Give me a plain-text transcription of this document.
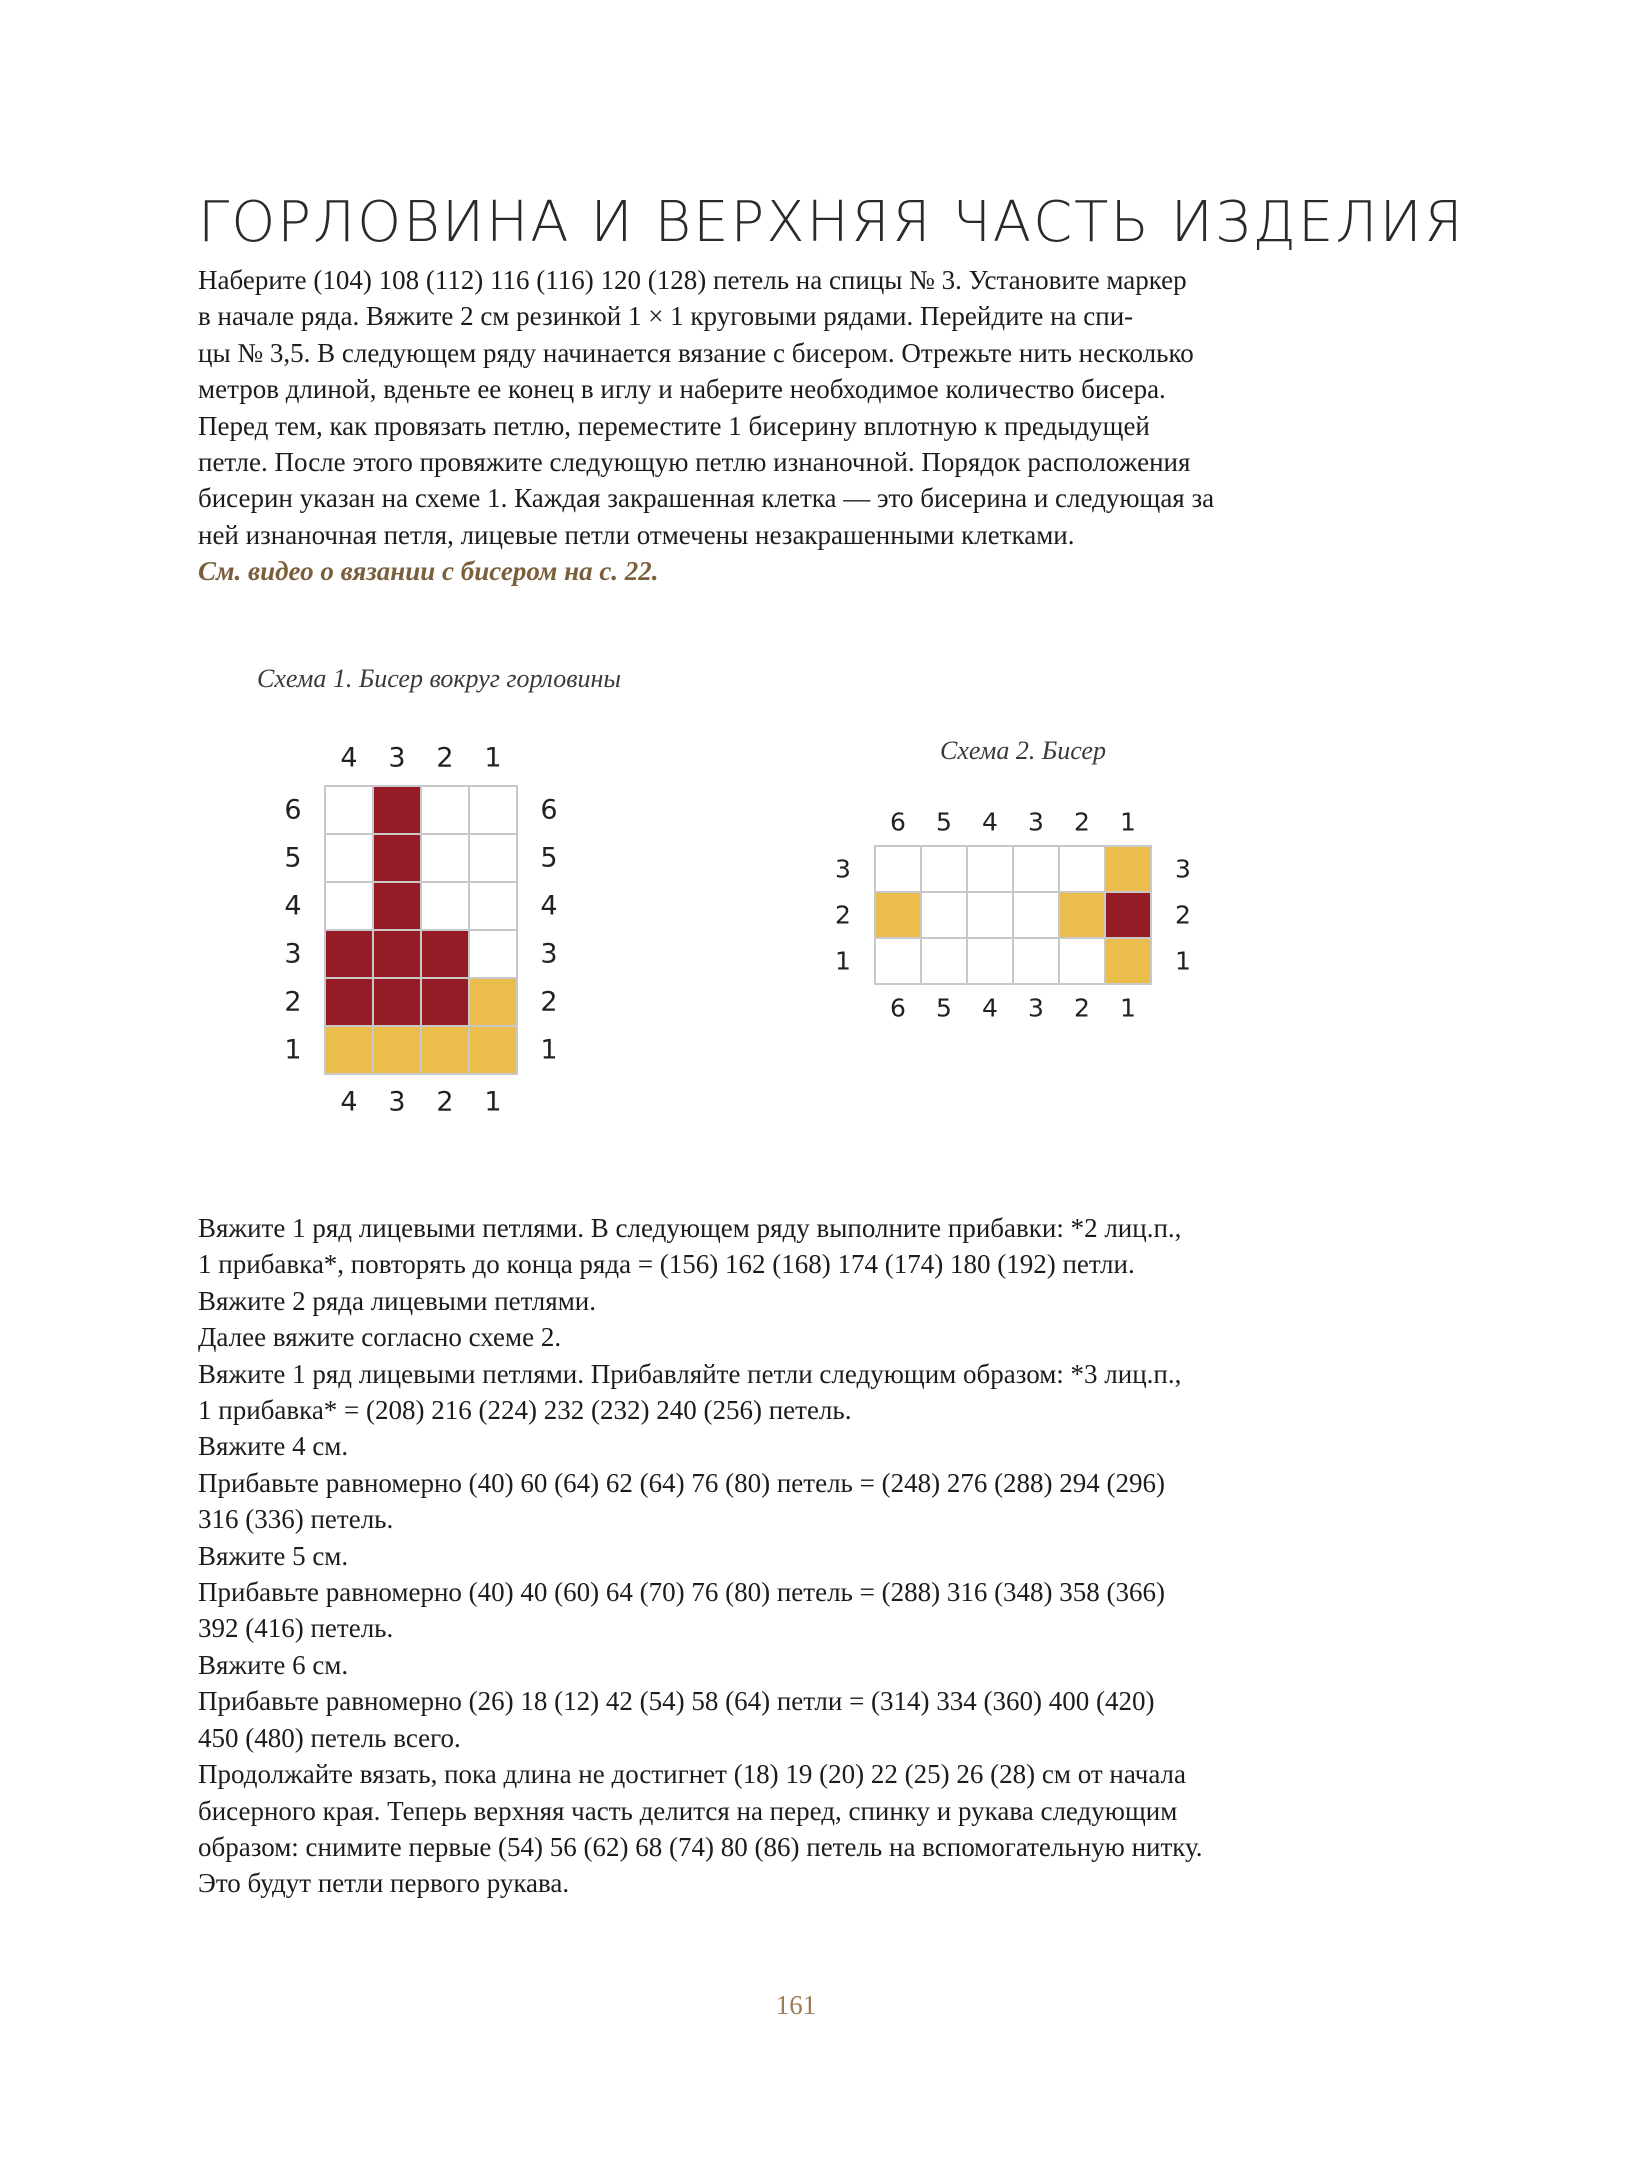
ГОРЛОВИНА И ВЕРХНЯЯ ЧАСТЬ ИЗДЕЛИЯ
Наберите (104) 108 (112) 116 (116) 120 (128) петель на спицы № 3. Установите маркер
в начале ряда. Вяжите 2 см резинкой 1 × 1 круговыми рядами. Перейдите на спи-
цы № 3,5. В следующем ряду начинается вязание с бисером. Отрежьте нить несколько
метров длиной, вденьте ее конец в иглу и наберите необходимое количество бисера.
Перед тем, как провязать петлю, переместите 1 бисерину вплотную к предыдущей
петле. После этого провяжите следующую петлю изнаночной. Порядок расположения
бисерин указан на схеме 1. Каждая закрашенная клетка — это бисерина и следующая за
ней изнаночная петля, лицевые петли отмечены незакрашенными клетками.
См. видео о вязании с бисером на с. 22.
Схема 1. Бисер вокруг горловины
4
4
3
3
2
2
1
1
6	6
5	5
4	4
3	3
2	2
1	1
Схема 2. Бисер
6
6
5
5
4
4
3
3
2
2
1
1
3	3
2	2
1	1
Вяжите 1 ряд лицевыми петлями. В следующем ряду выполните прибавки: *2 лиц.п.,
1 прибавка*, повторять до конца ряда = (156) 162 (168) 174 (174) 180 (192) петли.
Вяжите 2 ряда лицевыми петлями.
Далее вяжите согласно схеме 2.
Вяжите 1 ряд лицевыми петлями. Прибавляйте петли следующим образом: *3 лиц.п.,
1 прибавка* = (208) 216 (224) 232 (232) 240 (256) петель.
Вяжите 4 см.
Прибавьте равномерно (40) 60 (64) 62 (64) 76 (80) петель = (248) 276 (288) 294 (296)
316 (336) петель.
Вяжите 5 см.
Прибавьте равномерно (40) 40 (60) 64 (70) 76 (80) петель = (288) 316 (348) 358 (366)
392 (416) петель.
Вяжите 6 см.
Прибавьте равномерно (26) 18 (12) 42 (54) 58 (64) петли = (314) 334 (360) 400 (420)
450 (480) петель всего.
Продолжайте вязать, пока длина не достигнет (18) 19 (20) 22 (25) 26 (28) см от начала
бисерного края. Теперь верхняя часть делится на перед, спинку и рукава следующим
образом: снимите первые (54) 56 (62) 68 (74) 80 (86) петель на вспомогательную нитку.
Это будут петли первого рукава.
161
